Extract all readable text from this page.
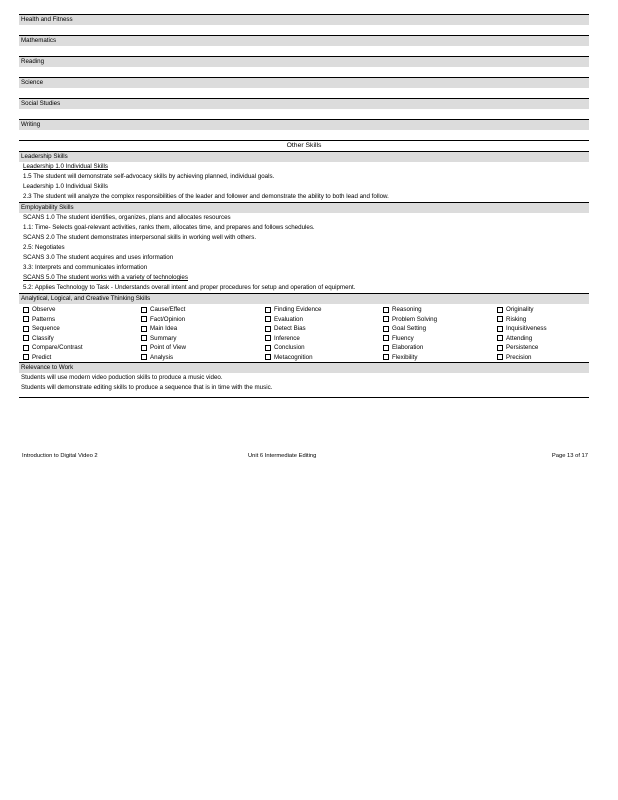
Health and Fitness
Mathematics
Reading
Science
Social Studies
Writing
Other Skills
Leadership Skills
Leadership 1.0 Individual Skills
1.5 The student will demonstrate self-advocacy skills by achieving planned, individual goals.
Leadership 1.0 Individual Skills
2.3 The student will analyze the complex responsibilities of the leader and follower and demonstrate the ability to both lead and follow.
Employability Skills
SCANS 1.0 The student identifies, organizes, plans and allocates resources
1.1: Time- Selects goal-relevant activities, ranks them, allocates time, and prepares and follows schedules.
SCANS 2.0 The student demonstrates interpersonal skills in working well with others.
2.5: Negotiates
SCANS 3.0 The student acquires and uses information
3.3: Interprets and communicates information
SCANS 5.0 The student works with a variety of technologies
5.2: Applies Technology to Task - Understands overall intent and proper procedures for setup and operation of equipment.
Analytical, Logical, and Creative Thinking Skills
Observe	Cause/Effect	Finding Evidence	Reasoning	Originality
Patterns	Fact/Opinion	Evaluation	Problem Solving	Risking
Sequence	Main Idea	Detect Bias	Goal Setting	Inquisitiveness
Classify	Summary	Inference	Fluency	Attending
Compare/Contrast	Point of View	Conclusion	Elaboration	Persistence
Predict	Analysis	Metacognition	Flexibility	Precision
Relevance to Work
Students will use modern video poduction skills to produce a music video.
Students will demonstrate editing skills to produce a sequence that is in time with the music.
Introduction to Digital Video 2	Unit 6 Intermediate Editing	Page 13 of 17
